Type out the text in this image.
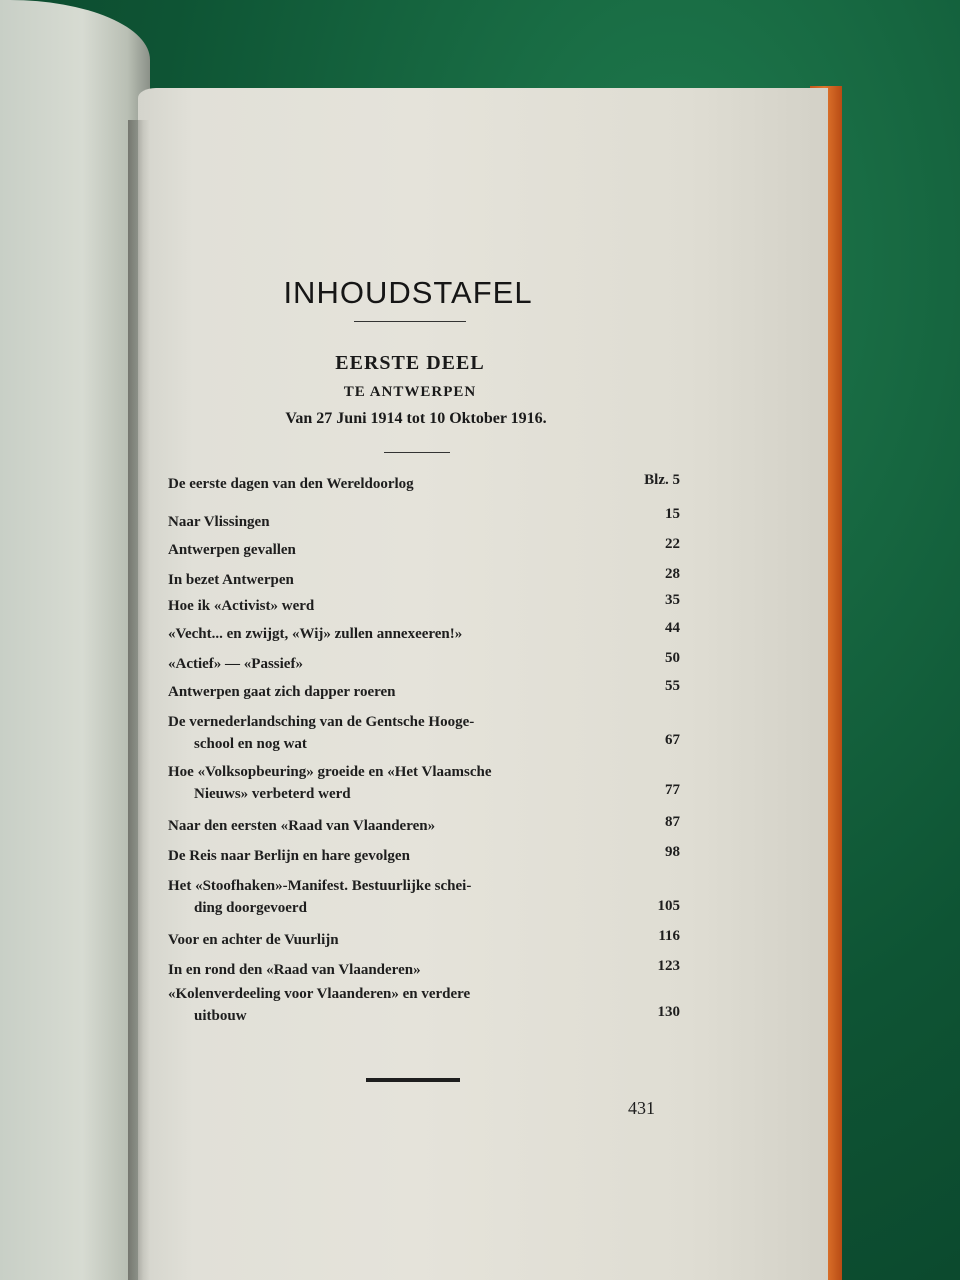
INHOUDSTAFEL
EERSTE DEEL
TE ANTWERPEN
Van 27 Juni 1914 tot 10 Oktober 1916.
De eerste dagen van den Wereldoorlog	Blz. 5
Naar Vlissingen	15
Antwerpen gevallen	22
In bezet Antwerpen	28
Hoe ik «Activist» werd	35
«Vecht... en zwijgt, «Wij» zullen annexeeren!»	44
«Actief» — «Passief»	50
Antwerpen gaat zich dapper roeren	55
De vernederlandsching van de Gentsche Hooge-
school en nog wat	67
Hoe «Volksopbeuring» groeide en «Het Vlaamsche
Nieuws» verbeterd werd	77
Naar den eersten «Raad van Vlaanderen»	87
De Reis naar Berlijn en hare gevolgen	98
Het «Stoofhaken»-Manifest. Bestuurlijke schei-
ding doorgevoerd	105
Voor en achter de Vuurlijn	116
In en rond den «Raad van Vlaanderen»	123
«Kolenverdeeling voor Vlaanderen» en verdere
uitbouw	130
431
